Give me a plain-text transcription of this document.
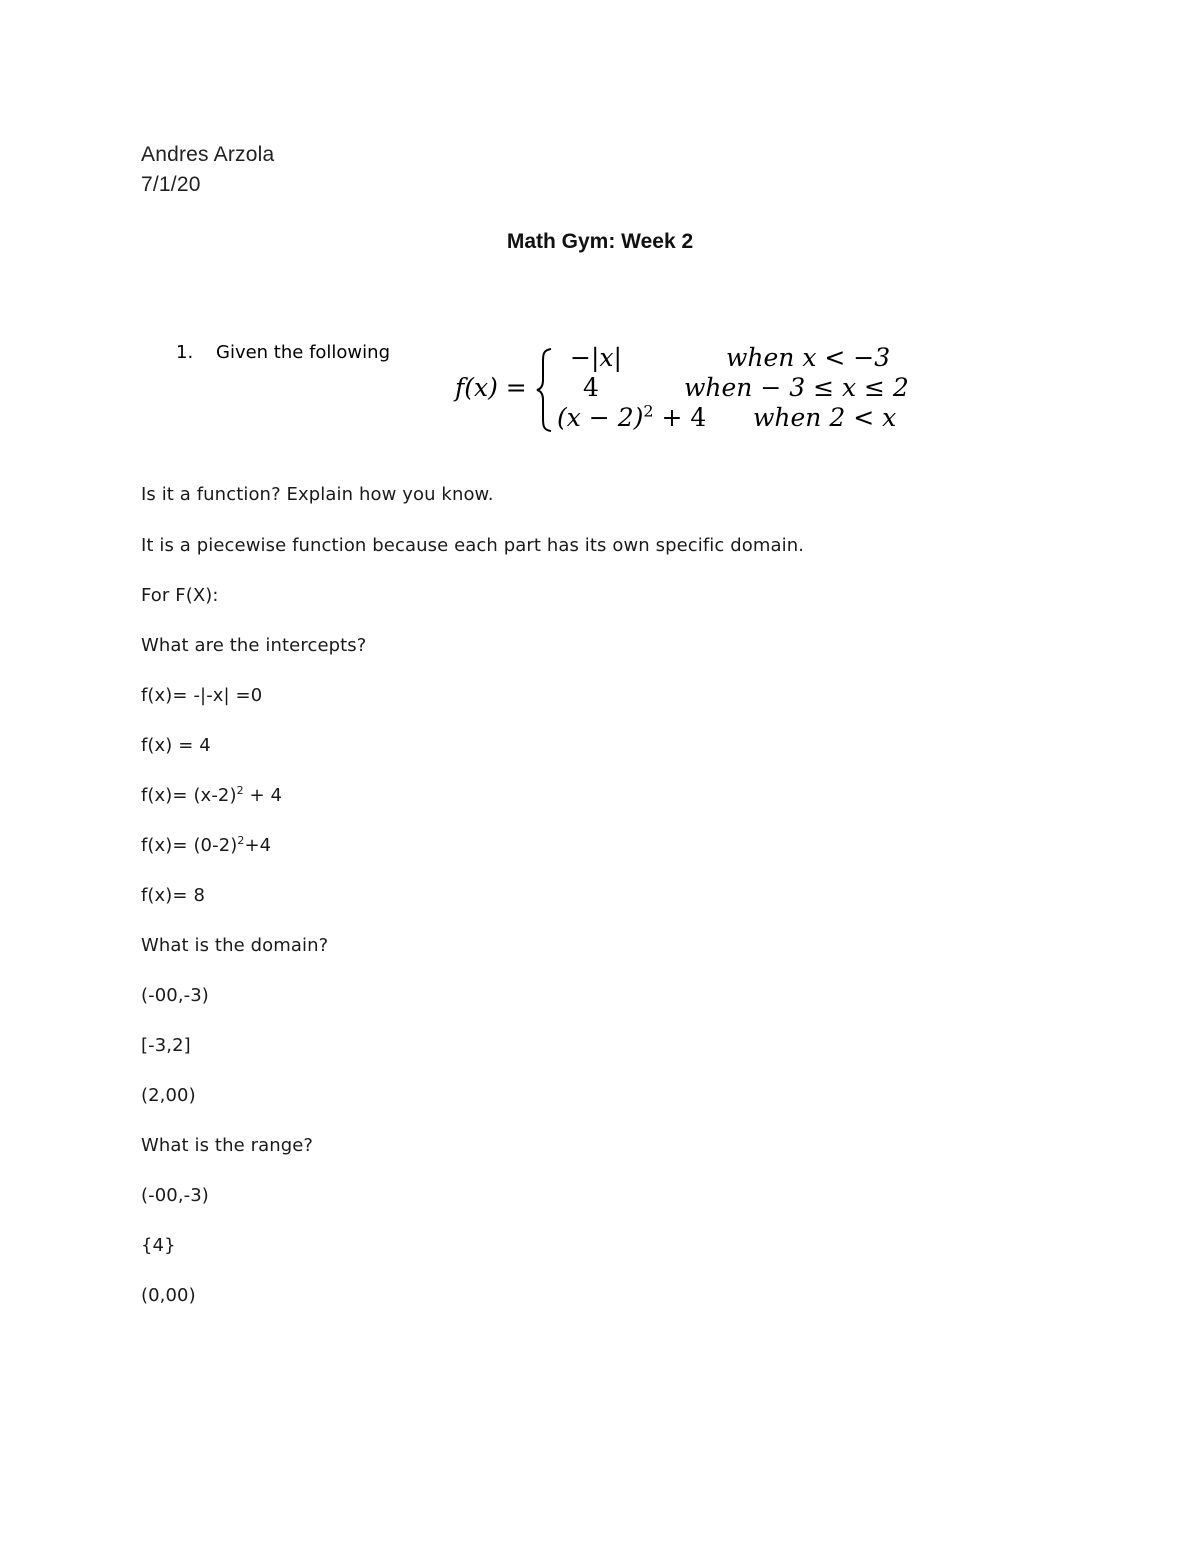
Andres Arzola
7/1/20
Math Gym: Week 2
1. Given the following
f(x) =
−|x|	when x < −3
4	when − 3 ≤ x ≤ 2
$(x - 2)^2 + 4$ when 2 < x
Is it a function? Explain how you know.
It is a piecewise function because each part has its own specific domain.
For F(X):
What are the intercepts?
f(x)= -|-x| =0
f(x) = 4
$f(x)= (x-2)^2 + 4$
$f(x)= (0-2)^2+4$
f(x)= 8
What is the domain?
(-00,-3)
[-3,2]
(2,00)
What is the range?
(-00,-3)
{4}
(0,00)
